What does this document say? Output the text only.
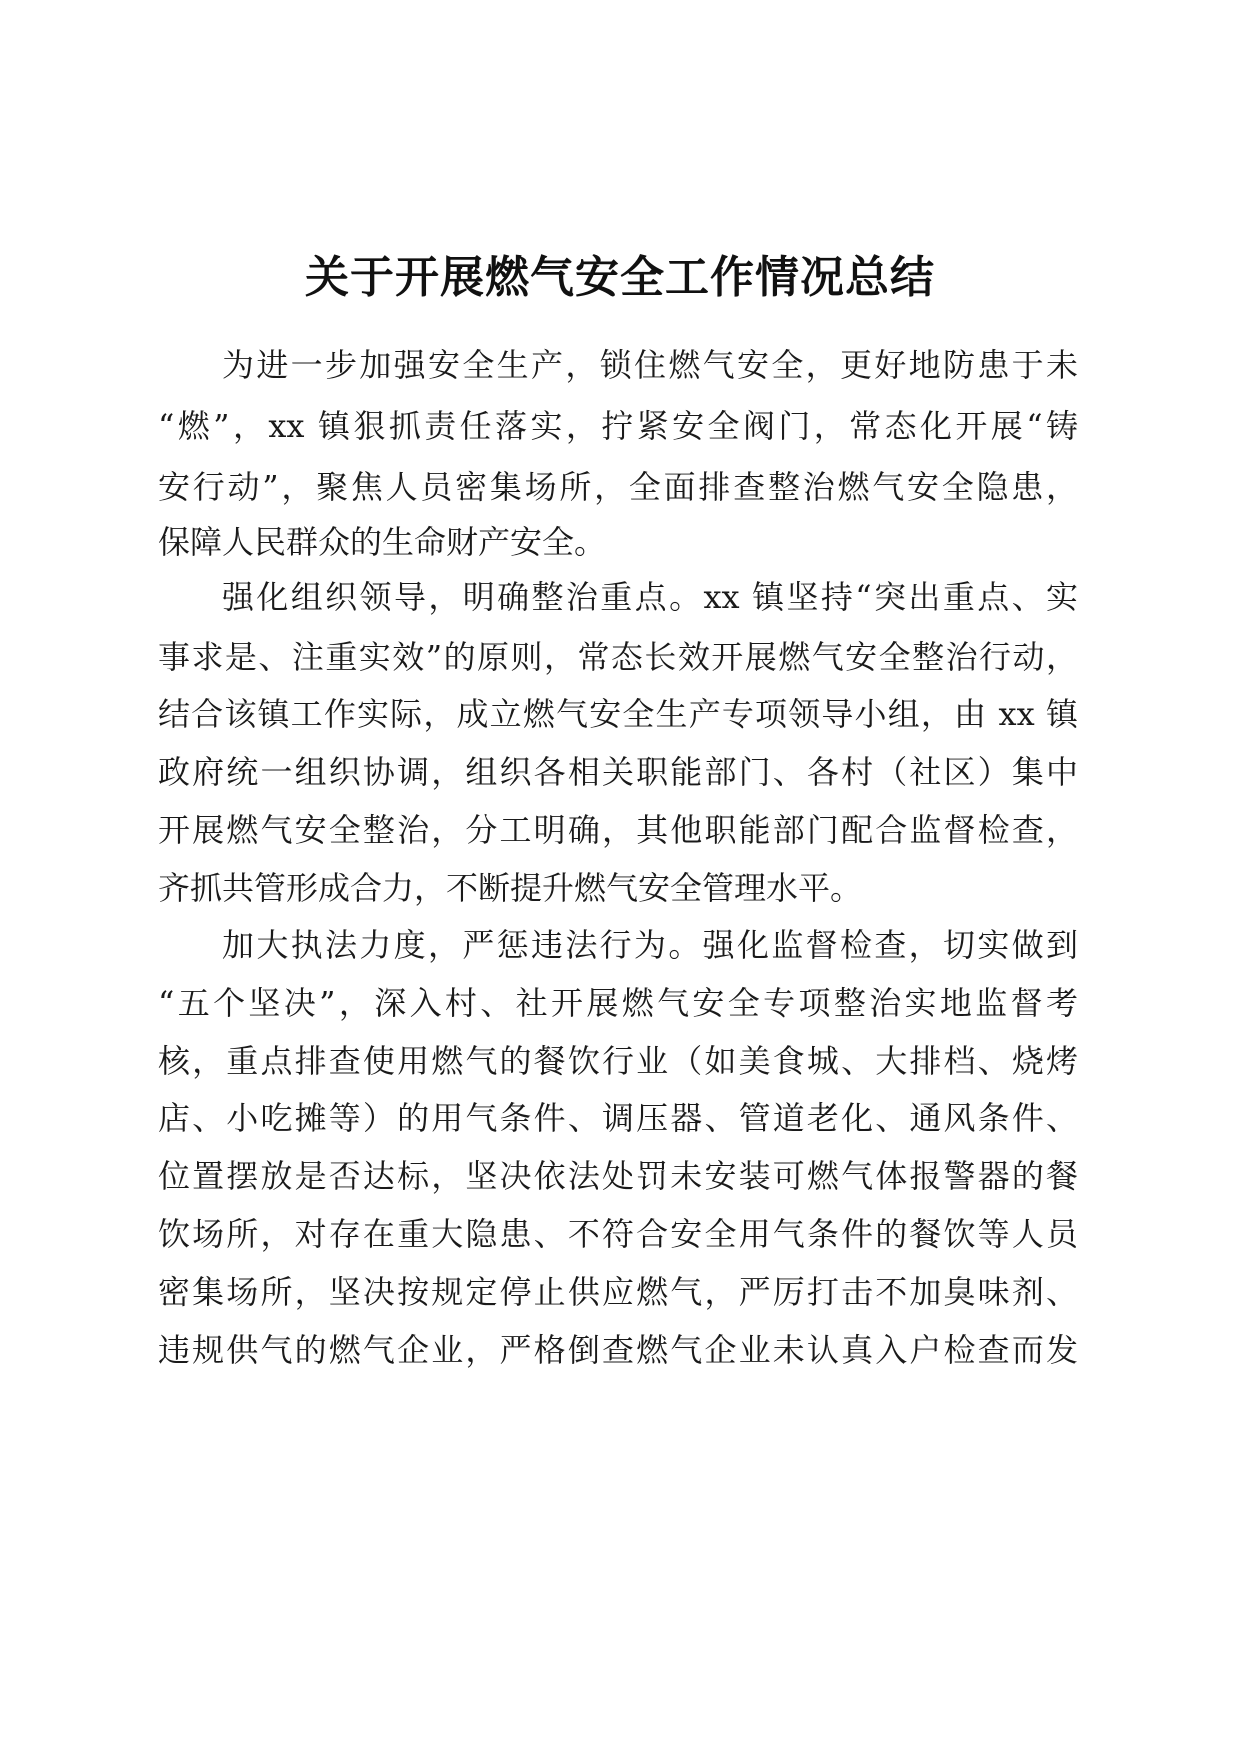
关于开展燃气安全工作情况总结
为进一步加强安全生产，锁住燃气安全，更好地防患于未
“燃”，xx 镇狠抓责任落实，拧紧安全阀门，常态化开展“铸
安行动”，聚焦人员密集场所，全面排查整治燃气安全隐患，
保障人民群众的生命财产安全。
强化组织领导，明确整治重点。xx 镇坚持“突出重点、实
事求是、注重实效”的原则，常态长效开展燃气安全整治行动，
结合该镇工作实际，成立燃气安全生产专项领导小组，由 xx 镇
政府统一组织协调，组织各相关职能部门、各村（社区）集中
开展燃气安全整治，分工明确，其他职能部门配合监督检查，
齐抓共管形成合力，不断提升燃气安全管理水平。
加大执法力度，严惩违法行为。强化监督检查，切实做到
“五个坚决”，深入村、社开展燃气安全专项整治实地监督考
核，重点排查使用燃气的餐饮行业（如美食城、大排档、烧烤
店、小吃摊等）的用气条件、调压器、管道老化、通风条件、
位置摆放是否达标，坚决依法处罚未安装可燃气体报警器的餐
饮场所，对存在重大隐患、不符合安全用气条件的餐饮等人员
密集场所，坚决按规定停止供应燃气，严厉打击不加臭味剂、
违规供气的燃气企业，严格倒查燃气企业未认真入户检查而发
